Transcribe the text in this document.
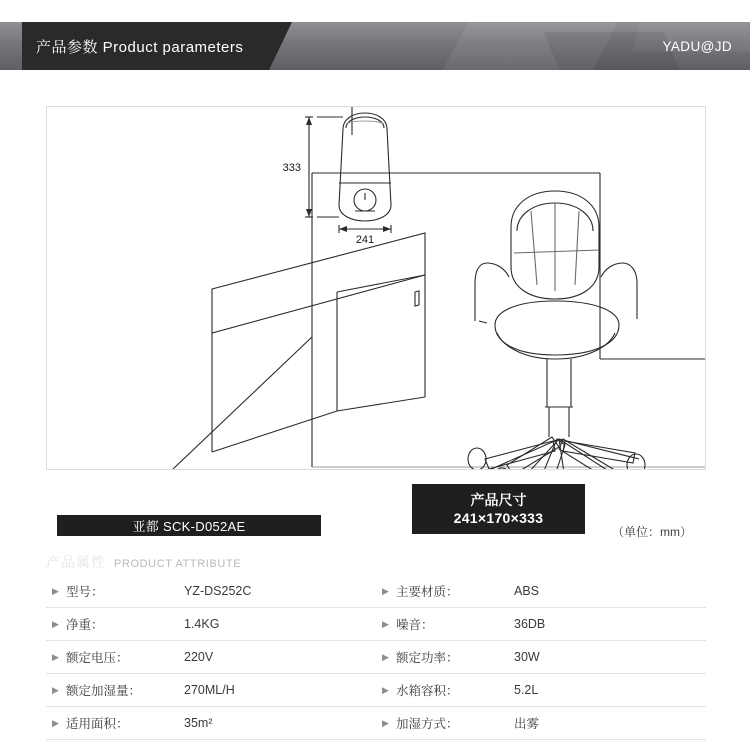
产品参数 Product parameters	YADU@JD
333
241
亚都 SCK-D052AE
产品尺寸
241×170×333
（单位：mm）
产品属性 PRODUCT ATTRIBUTE
▶ 型号：	YZ-DS252C	▶ 主要材质：	ABS
▶ 净重：	1.4KG	▶ 噪音：	36DB
▶ 额定电压：	220V	▶ 额定功率：	30W
▶ 额定加湿量：	270ML/H	▶ 水箱容积：	5.2L
▶ 适用面积：	35m²	▶ 加湿方式：	出雾
